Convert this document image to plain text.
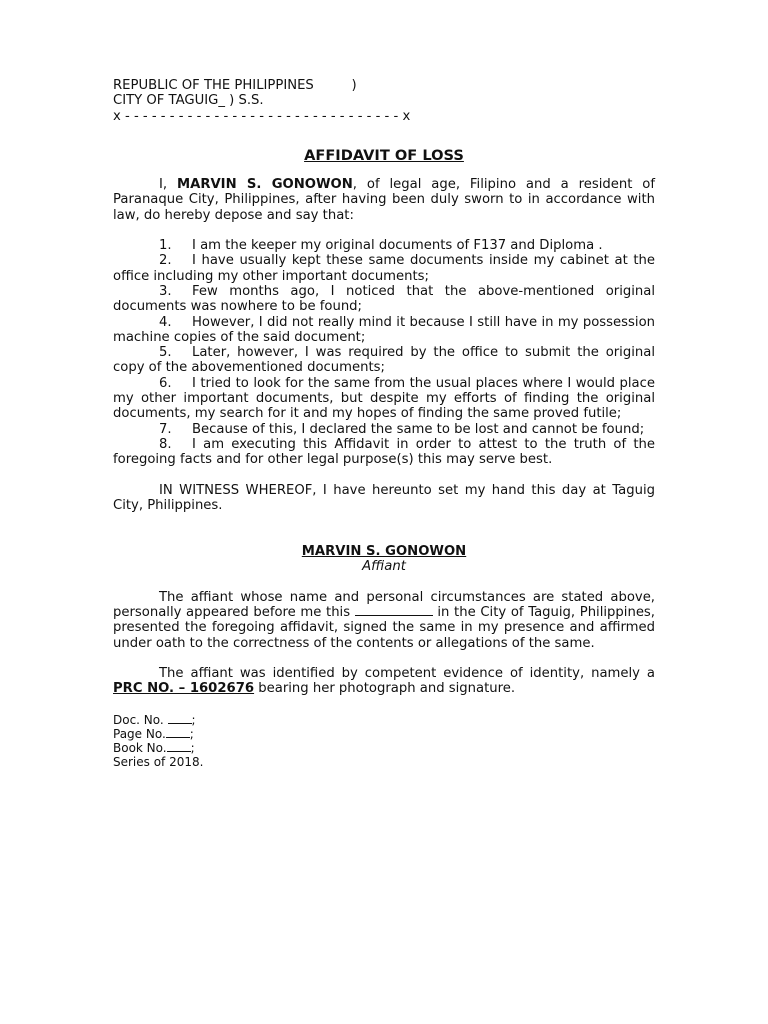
REPUBLIC OF THE PHILIPPINES         )
CITY OF TAGUIG_ ) S.S.
x - - - - - - - - - - - - - - - - - - - - - - - - - - - - - - - x
AFFIDAVIT OF LOSS
I, MARVIN S. GONOWON, of legal age, Filipino and a resident of Paranaque City, Philippines, after having been duly sworn to in accordance with law, do hereby depose and say that:
1. I am the keeper my original documents of F137 and Diploma .
2. I have usually kept these same documents inside my cabinet at the office including my other important documents;
3. Few months ago, I noticed that the above-mentioned original documents was nowhere to be found;
4. However, I did not really mind it because I still have in my possession machine copies of the said document;
5. Later, however, I was required by the office to submit the original copy of the abovementioned documents;
6. I tried to look for the same from the usual places where I would place my other important documents, but despite my efforts of finding the original documents, my search for it and my hopes of finding the same proved futile;
7. Because of this, I declared the same to be lost and cannot be found;
8. I am executing this Affidavit in order to attest to the truth of the foregoing facts and for other legal purpose(s) this may serve best.
IN WITNESS WHEREOF, I have hereunto set my hand this day at Taguig City, Philippines.
MARVIN S. GONOWON
Affiant
The affiant whose name and personal circumstances are stated above, personally appeared before me this	in the City of Taguig, Philippines, presented the foregoing affidavit, signed the same in my presence and affirmed under oath to the correctness of the contents or allegations of the same.
The affiant was identified by competent evidence of identity, namely a PRC NO. – 1602676 bearing her photograph and signature.
Doc. No. ;
Page No. ;
Book No. ;
Series of 2018.
